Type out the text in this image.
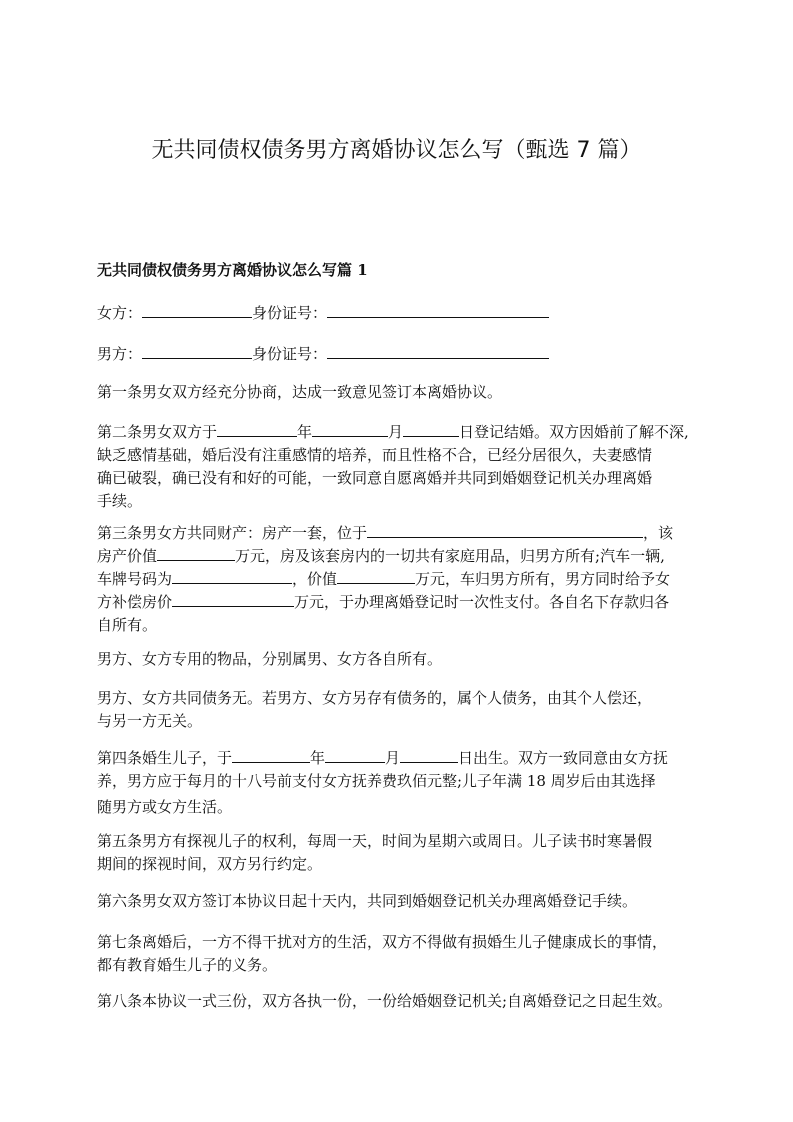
无共同债权债务男方离婚协议怎么写（甄选 7 篇）
无共同债权债务男方离婚协议怎么写篇 1

女方：	身份证号：

男方：	身份证号：

第一条男女双方经充分协商，达成一致意见签订本离婚协议。

第二条男女双方于	年	月	日登记结婚。双方因婚前了解不深,
缺乏感情基础，婚后没有注重感情的培养，而且性格不合，已经分居很久，夫妻感情
确已破裂，确已没有和好的可能，一致同意自愿离婚并共同到婚姻登记机关办理离婚
手续。

第三条男女方共同财产：房产一套，位于	，该
房产价值	万元，房及该套房内的一切共有家庭用品，归男方所有;汽车一辆,
车牌号码为	，价值	万元，车归男方所有，男方同时给予女
方补偿房价	万元，于办理离婚登记时一次性支付。各自名下存款归各
自所有。

男方、女方专用的物品，分别属男、女方各自所有。

男方、女方共同债务无。若男方、女方另存有债务的，属个人债务，由其个人偿还，
与另一方无关。

第四条婚生儿子，于	年	月	日出生。双方一致同意由女方抚
养，男方应于每月的十八号前支付女方抚养费玖佰元整;儿子年满 18 周岁后由其选择
随男方或女方生活。

第五条男方有探视儿子的权利，每周一天，时间为星期六或周日。儿子读书时寒暑假
期间的探视时间，双方另行约定。

第六条男女双方签订本协议日起十天内，共同到婚姻登记机关办理离婚登记手续。

第七条离婚后，一方不得干扰对方的生活，双方不得做有损婚生儿子健康成长的事情，
都有教育婚生儿子的义务。

第八条本协议一式三份，双方各执一份，一份给婚姻登记机关;自离婚登记之日起生效。
